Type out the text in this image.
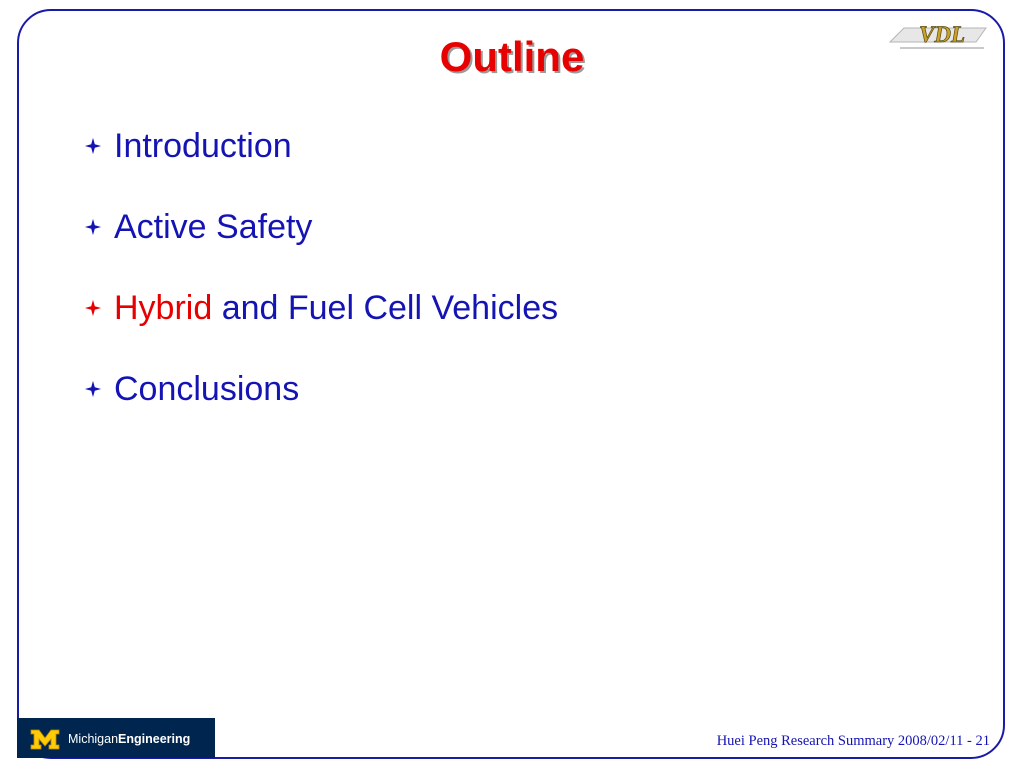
Outline	VDL
Introduction
Active Safety
Hybrid and Fuel Cell Vehicles
Conclusions
MichiganEngineering	Huei Peng Research Summary 2008/02/11 - 21
